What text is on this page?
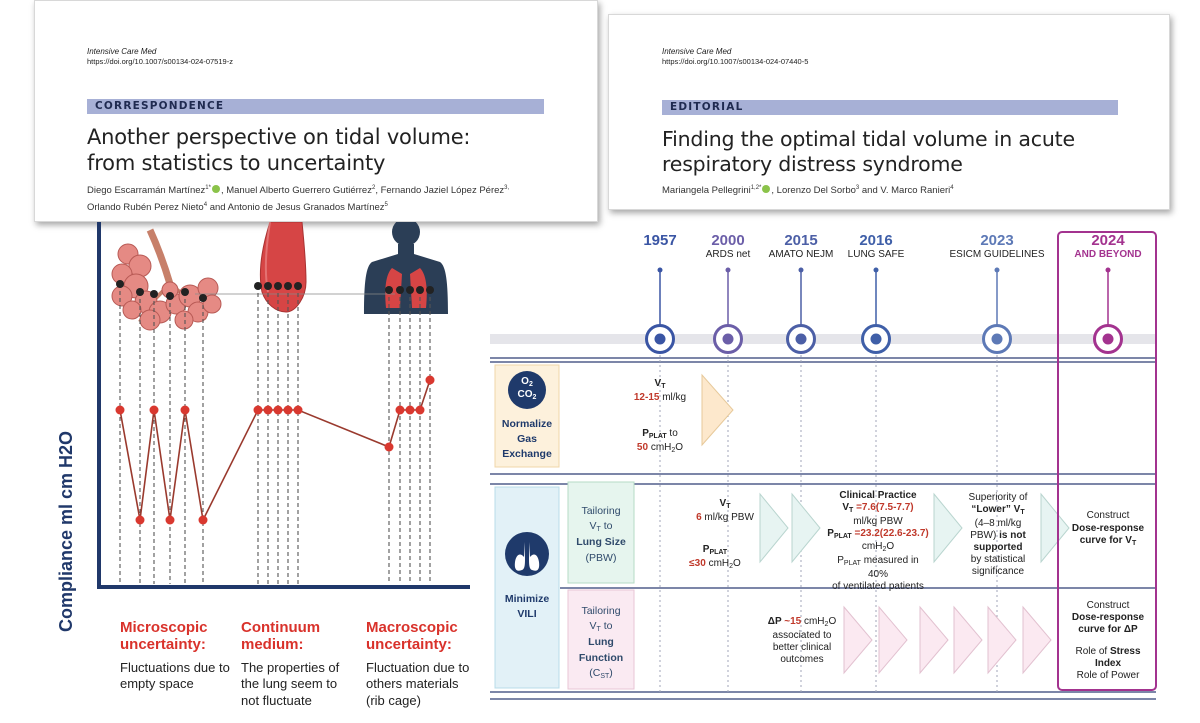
Intensive Care Med
https://doi.org/10.1007/s00134-024-07519-z
CORRESPONDENCE
Another perspective on tidal volume:
from statistics to uncertainty
Diego Escarramán Martínez$^{1*}$ , Manuel Alberto Guerrero Gutiérrez$^2$, Fernando Jaziel López Pérez$^{3,}$
Orlando Rubén Perez Nieto$^4$ and Antonio de Jesus Granados Martínez$^5$
Intensive Care Med
https://doi.org/10.1007/s00134-024-07440-5
EDITORIAL
Finding the optimal tidal volume in acute
respiratory distress syndrome
Mariangela Pellegrini$^{1,2*}$ , Lorenzo Del Sorbo$^3$ and V. Marco Ranieri$^4$
Compliance ml cm H2O	Microscopic uncertainty:
Fluctuations due to empty space
Continuum medium:
The properties of the lung seem to not fluctuate
Macroscopic uncertainty:
Fluctuation due to others materials (rib cage)
1957	2000
ARDS net
2015
AMATO NEJM
2016
LUNG SAFE
2023
ESICM GUIDELINES
2024
AND BEYOND
$O_2$
$CO_2$
Normalize
Gas
Exchange
Minimize
VILI
Tailoring
$V_T$ to
Lung Size
(PBW)
Tailoring
$V_T$ to
Lung
Function
$(C_{ST})$
$V_T$
12-15 ml/kg
$P_{PLAT}$ to
50 cmH$_2$O
$V_T$
6 ml/kg PBW
$P_{PLAT}$
≤30 cmH$_2$O
Clinical Practice
$V_T =7.6(7.5-7.7)$
ml/kg PBW
$P_{PLAT} =23.2(22.6-23.7)$
cmH$_2$O
$P_{PLAT}$ measured in 40%
of ventilated patients
Superiority of
“Lower” $V_T$
(4–8 ml/kg
PBW) is not
supported
by statistical
significance
Construct
Dose-response
curve for $V_T$
ΔP ~15 cmH$_2$O
associated to
better clinical
outcomes
Construct
Dose-response
curve for ΔP
Role of Stress
Index
Role of Power
